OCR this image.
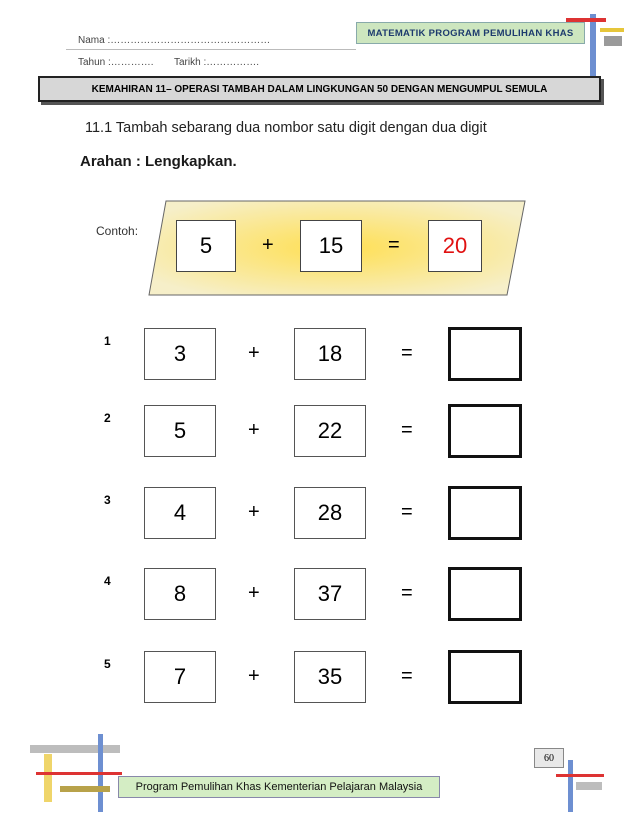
Nama :…………………………………………
Tahun :…………. Tarikh :…………….
MATEMATIK PROGRAM PEMULIHAN KHAS
KEMAHIRAN 11– OPERASI TAMBAH DALAM LINGKUNGAN 50 DENGAN MENGUMPUL SEMULA
11.1 Tambah sebarang dua nombor satu digit dengan dua digit
Arahan : Lengkapkan.
Contoh:
5	+	15	=	20
1	3	+	18	=
2	5	+	22	=
3	4	+	28	=
4	8	+	37	=
5	7	+	35	=
60
Program Pemulihan Khas Kementerian Pelajaran Malaysia
